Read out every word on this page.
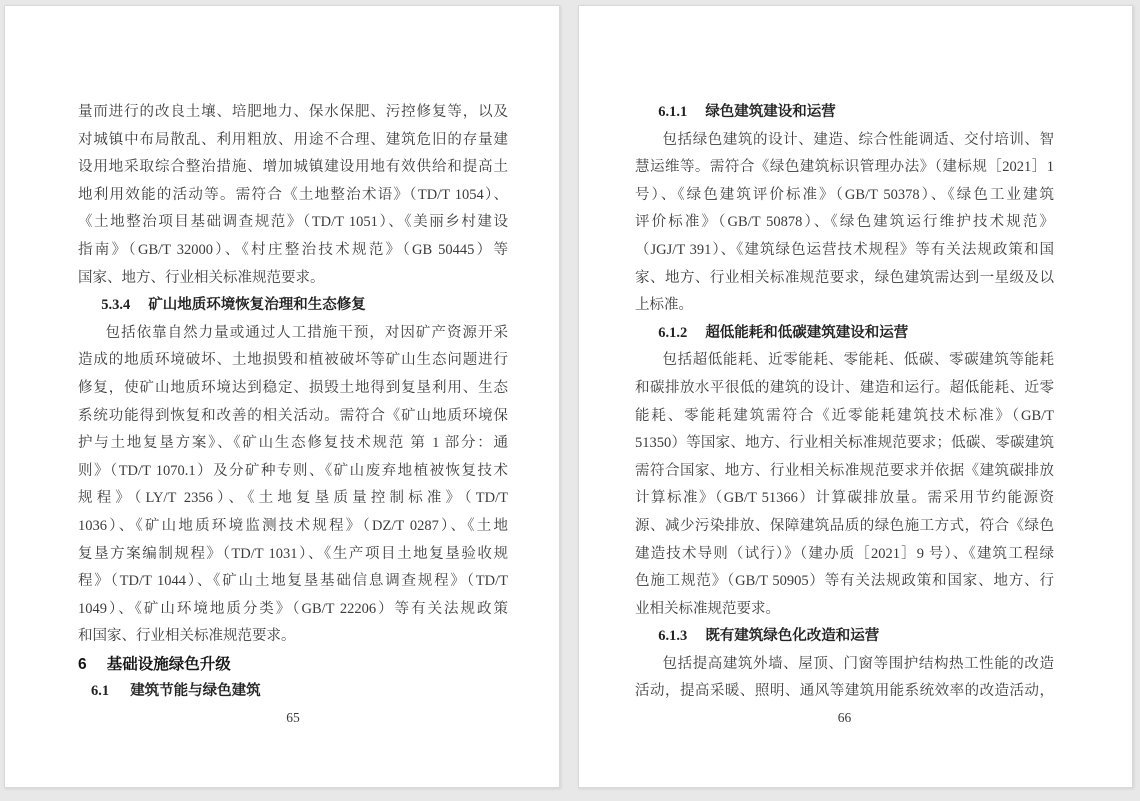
量而进行的改良土壤、培肥地力、保水保肥、污控修复等，以及
对城镇中布局散乱、利用粗放、用途不合理、建筑危旧的存量建
设用地采取综合整治措施、增加城镇建设用地有效供给和提高土
地利用效能的活动等。需符合《土地整治术语》（TD/T 1054）、
《土地整治项目基础调查规范》（TD/T 1051）、《美丽乡村建设
指南》（GB/T 32000）、《村庄整治技术规范》（GB 50445）等
国家、地方、行业相关标准规范要求。
5.3.4 矿山地质环境恢复治理和生态修复
包括依靠自然力量或通过人工措施干预，对因矿产资源开采
造成的地质环境破坏、土地损毁和植被破坏等矿山生态问题进行
修复，使矿山地质环境达到稳定、损毁土地得到复垦利用、生态
系统功能得到恢复和改善的相关活动。需符合《矿山地质环境保
护与土地复垦方案》、《矿山生态修复技术规范 第 1 部分：通
则》（TD/T 1070.1）及分矿种专则、《矿山废弃地植被恢复技术
规程》（LY/T 2356）、《土地复垦质量控制标准》（TD/T
1036）、《矿山地质环境监测技术规程》（DZ/T 0287）、《土地
复垦方案编制规程》（TD/T 1031）、《生产项目土地复垦验收规
程》（TD/T 1044）、《矿山土地复垦基础信息调查规程》（TD/T
1049）、《矿山环境地质分类》（GB/T 22206）等有关法规政策
和国家、行业相关标准规范要求。
6 基础设施绿色升级
6.1 建筑节能与绿色建筑
65
6.1.1 绿色建筑建设和运营
包括绿色建筑的设计、建造、综合性能调适、交付培训、智
慧运维等。需符合《绿色建筑标识管理办法》（建标规［2021］1
号）、《绿色建筑评价标准》（GB/T 50378）、《绿色工业建筑
评价标准》（GB/T 50878）、《绿色建筑运行维护技术规范》
（JGJ/T 391）、《建筑绿色运营技术规程》等有关法规政策和国
家、地方、行业相关标准规范要求，绿色建筑需达到一星级及以
上标准。
6.1.2 超低能耗和低碳建筑建设和运营
包括超低能耗、近零能耗、零能耗、低碳、零碳建筑等能耗
和碳排放水平很低的建筑的设计、建造和运行。超低能耗、近零
能耗、零能耗建筑需符合《近零能耗建筑技术标准》（GB/T
51350）等国家、地方、行业相关标准规范要求；低碳、零碳建筑
需符合国家、地方、行业相关标准规范要求并依据《建筑碳排放
计算标准》（GB/T 51366）计算碳排放量。需采用节约能源资
源、减少污染排放、保障建筑品质的绿色施工方式，符合《绿色
建造技术导则（试行）》（建办质［2021］9 号）、《建筑工程绿
色施工规范》（GB/T 50905）等有关法规政策和国家、地方、行
业相关标准规范要求。
6.1.3 既有建筑绿色化改造和运营
包括提高建筑外墙、屋顶、门窗等围护结构热工性能的改造
活动，提高采暖、照明、通风等建筑用能系统效率的改造活动，
66
